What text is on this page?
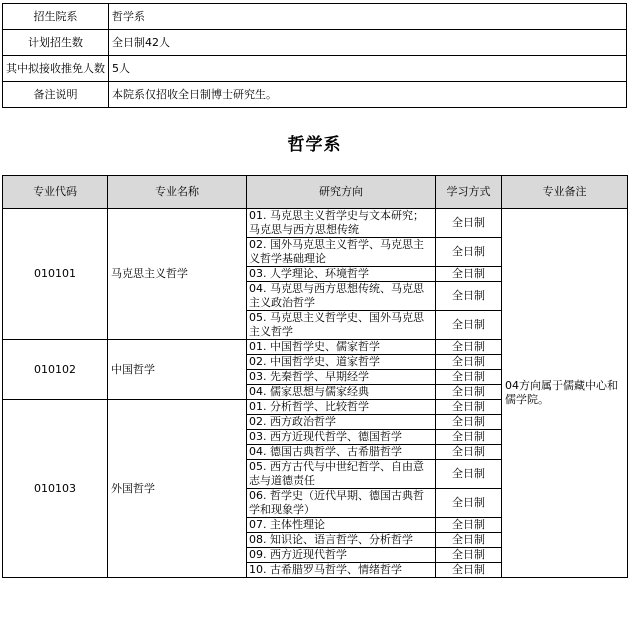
招生院系	哲学系
计划招生数	全日制42人
其中拟接收推免人数	5人
备注说明	本院系仅招收全日制博士研究生。
哲学系
专业代码	专业名称	研究方向	学习方式	专业备注
010101	马克思主义哲学	01. 马克思主义哲学史与文本研究；马克思与西方思想传统	全日制	04方向属于儒藏中心和儒学院。
		02. 国外马克思主义哲学、马克思主义哲学基础理论	全日制	
		03. 人学理论、环境哲学	全日制	
		04. 马克思与西方思想传统、马克思主义政治哲学	全日制	
		05. 马克思主义哲学史、国外马克思主义哲学	全日制	
010102	中国哲学	01. 中国哲学史、儒家哲学	全日制	
		02. 中国哲学史、道家哲学	全日制	
		03. 先秦哲学、早期经学	全日制	
		04. 儒家思想与儒家经典	全日制	
010103	外国哲学	01. 分析哲学、比较哲学	全日制	
		02. 西方政治哲学	全日制	
		03. 西方近现代哲学、德国哲学	全日制	
		04. 德国古典哲学、古希腊哲学	全日制	
		05. 西方古代与中世纪哲学、自由意志与道德责任	全日制	
		06. 哲学史（近代早期、德国古典哲学和现象学）	全日制	
		07. 主体性理论	全日制	
		08. 知识论、语言哲学、分析哲学	全日制	
		09. 西方近现代哲学	全日制	
		10. 古希腊罗马哲学、情绪哲学	全日制	
